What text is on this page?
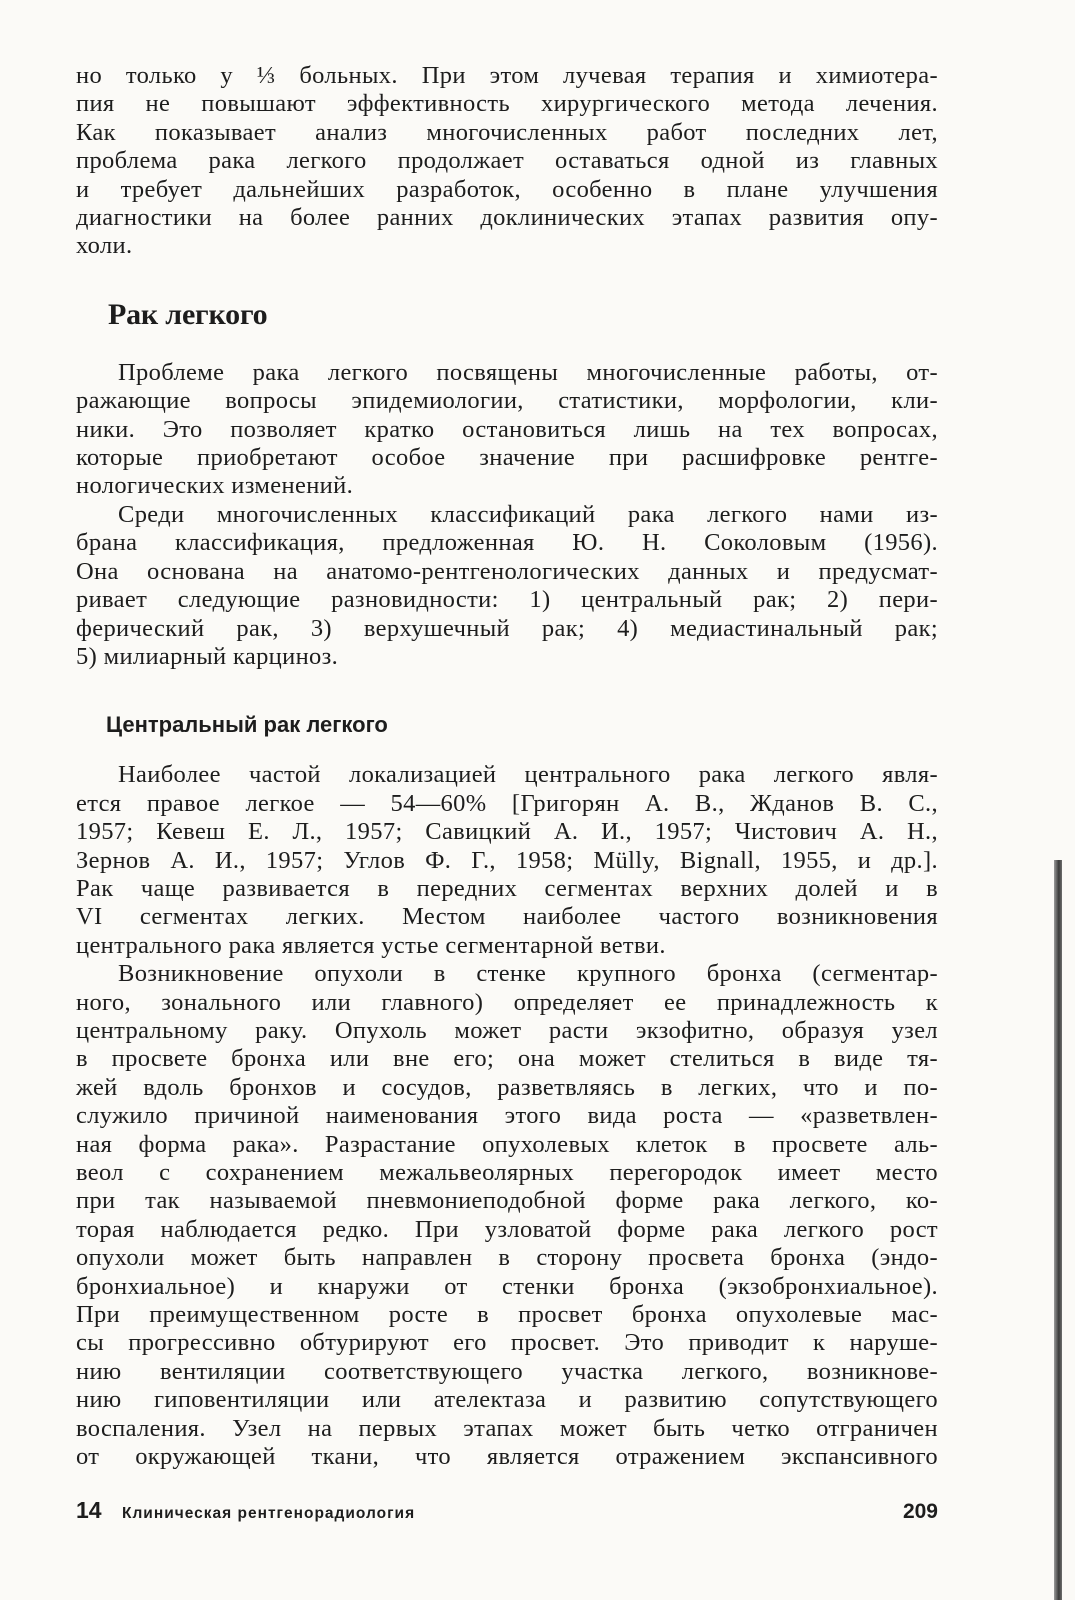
но только у ⅓ больных. При этом лучевая терапия и химиотера-
пия не повышают эффективность хирургического метода лечения.
Как показывает анализ многочисленных работ последних лет,
проблема рака легкого продолжает оставаться одной из главных
и требует дальнейших разработок, особенно в плане улучшения
диагностики на более ранних доклинических этапах развития опу-
холи.
Рак легкого
Проблеме рака легкого посвящены многочисленные работы, от-
ражающие вопросы эпидемиологии, статистики, морфологии, кли-
ники. Это позволяет кратко остановиться лишь на тех вопросах,
которые приобретают особое значение при расшифровке рентге-
нологических изменений.
Среди многочисленных классификаций рака легкого нами из-
брана классификация, предложенная Ю. Н. Соколовым (1956).
Она основана на анатомо-рентгенологических данных и предусмат-
ривает следующие разновидности: 1) центральный рак; 2) пери-
ферический рак, 3) верхушечный рак; 4) медиастинальный рак;
5) милиарный карциноз.
Центральный рак легкого
Наиболее частой локализацией центрального рака легкого явля-
ется правое легкое — 54—60% [Григорян А. В., Жданов В. С.,
1957; Кевеш Е. Л., 1957; Савицкий А. И., 1957; Чистович А. Н.,
Зернов А. И., 1957; Углов Ф. Г., 1958; Mülly, Bignall, 1955, и др.].
Рак чаще развивается в передних сегментах верхних долей и в
VI сегментах легких. Местом наиболее частого возникновения
центрального рака является устье сегментарной ветви.
Возникновение опухоли в стенке крупного бронха (сегментар-
ного, зонального или главного) определяет ее принадлежность к
центральному раку. Опухоль может расти экзофитно, образуя узел
в просвете бронха или вне его; она может стелиться в виде тя-
жей вдоль бронхов и сосудов, разветвляясь в легких, что и по-
служило причиной наименования этого вида роста — «разветвлен-
ная форма рака». Разрастание опухолевых клеток в просвете аль-
веол с сохранением межальвеолярных перегородок имеет место
при так называемой пневмониеподобной форме рака легкого, ко-
торая наблюдается редко. При узловатой форме рака легкого рост
опухоли может быть направлен в сторону просвета бронха (эндо-
бронхиальное) и кнаружи от стенки бронха (экзобронхиальное).
При преимущественном росте в просвет бронха опухолевые мас-
сы прогрессивно обтурируют его просвет. Это приводит к наруше-
нию вентиляции соответствующего участка легкого, возникнове-
нию гиповентиляции или ателектаза и развитию сопутствующего
воспаления. Узел на первых этапах может быть четко отграничен
от окружающей ткани, что является отражением экспансивного
14	Клиническая рентгенорадиология	209
